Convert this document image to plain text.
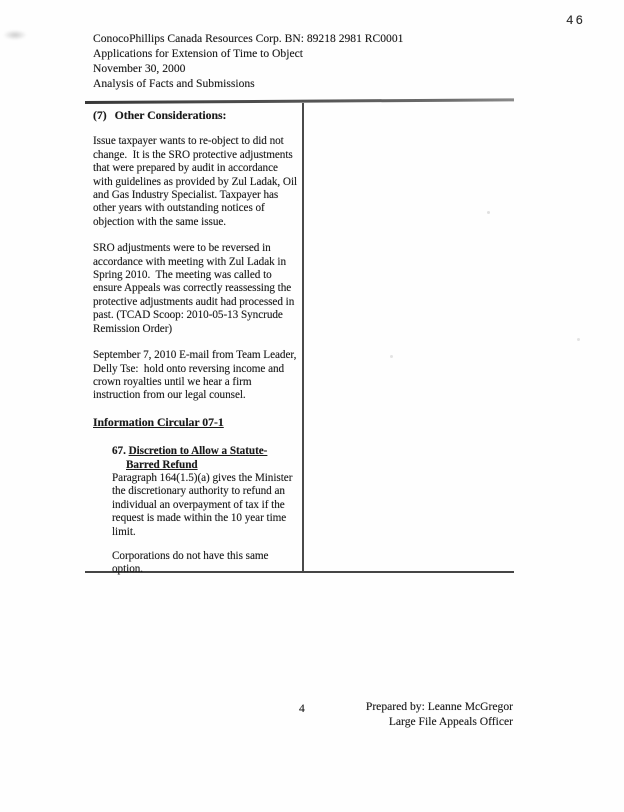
46
ConocoPhillips Canada Resources Corp. BN: 89218 2981 RC0001
Applications for Extension of Time to Object
November 30, 2000
Analysis of Facts and Submissions

(7) Other Considerations:

Issue taxpayer wants to re-object to did not change.  It is the SRO protective adjustments that were prepared by audit in accordance with guidelines as provided by Zul Ladak, Oil and Gas Industry Specialist. Taxpayer has other years with outstanding notices of objection with the same issue.

SRO adjustments were to be reversed in accordance with meeting with Zul Ladak in Spring 2010.  The meeting was called to ensure Appeals was correctly reassessing the protective adjustments audit had processed in past. (TCAD Scoop: 2010-05-13 Syncrude Remission Order)

September 7, 2010 E-mail from Team Leader, Delly Tse:  hold onto reversing income and crown royalties until we hear a firm instruction from our legal counsel.

Information Circular 07-1

67. Discretion to Allow a Statute-Barred Refund

Paragraph 164(1.5)(a) gives the Minister the discretionary authority to refund an individual an overpayment of tax if the request is made within the 10 year time limit.

Corporations do not have this same option.

4	Prepared by: Leanne McGregor
Large File Appeals Officer
